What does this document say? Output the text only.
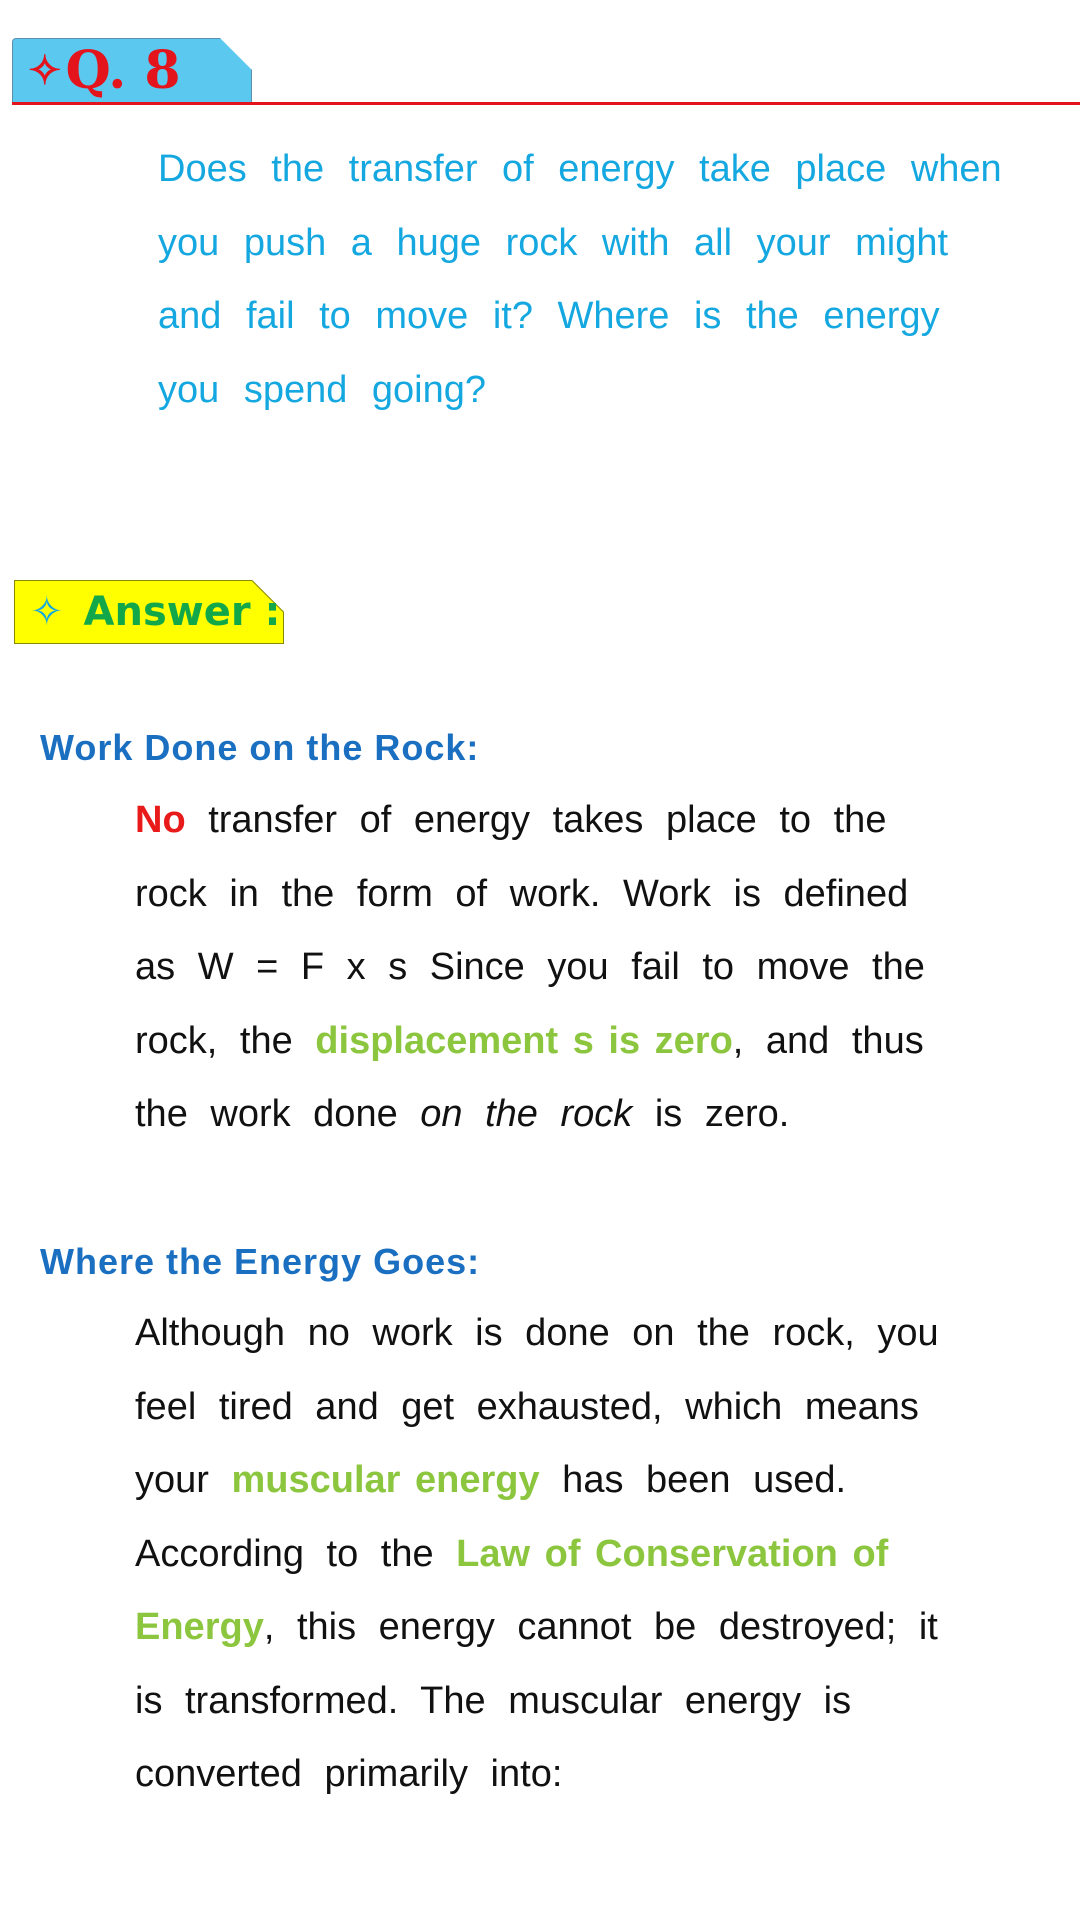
✧ Q. 8

Does the transfer of energy take place when

you push a huge rock with all your might

and fail to move it? Where is the energy

you spend going?

✧ Answer :
Work Done on the Rock:

No transfer of energy takes place to the

rock in the form of work. Work is defined

as W = F x s Since you fail to move the

rock, the displacement s is zero, and thus

the work done on the rock is zero.

Where the Energy Goes:

Although no work is done on the rock, you

feel tired and get exhausted, which means

your muscular energy has been used.

According to the Law of Conservation of

Energy, this energy cannot be destroyed; it

is transformed. The muscular energy is

converted primarily into:
